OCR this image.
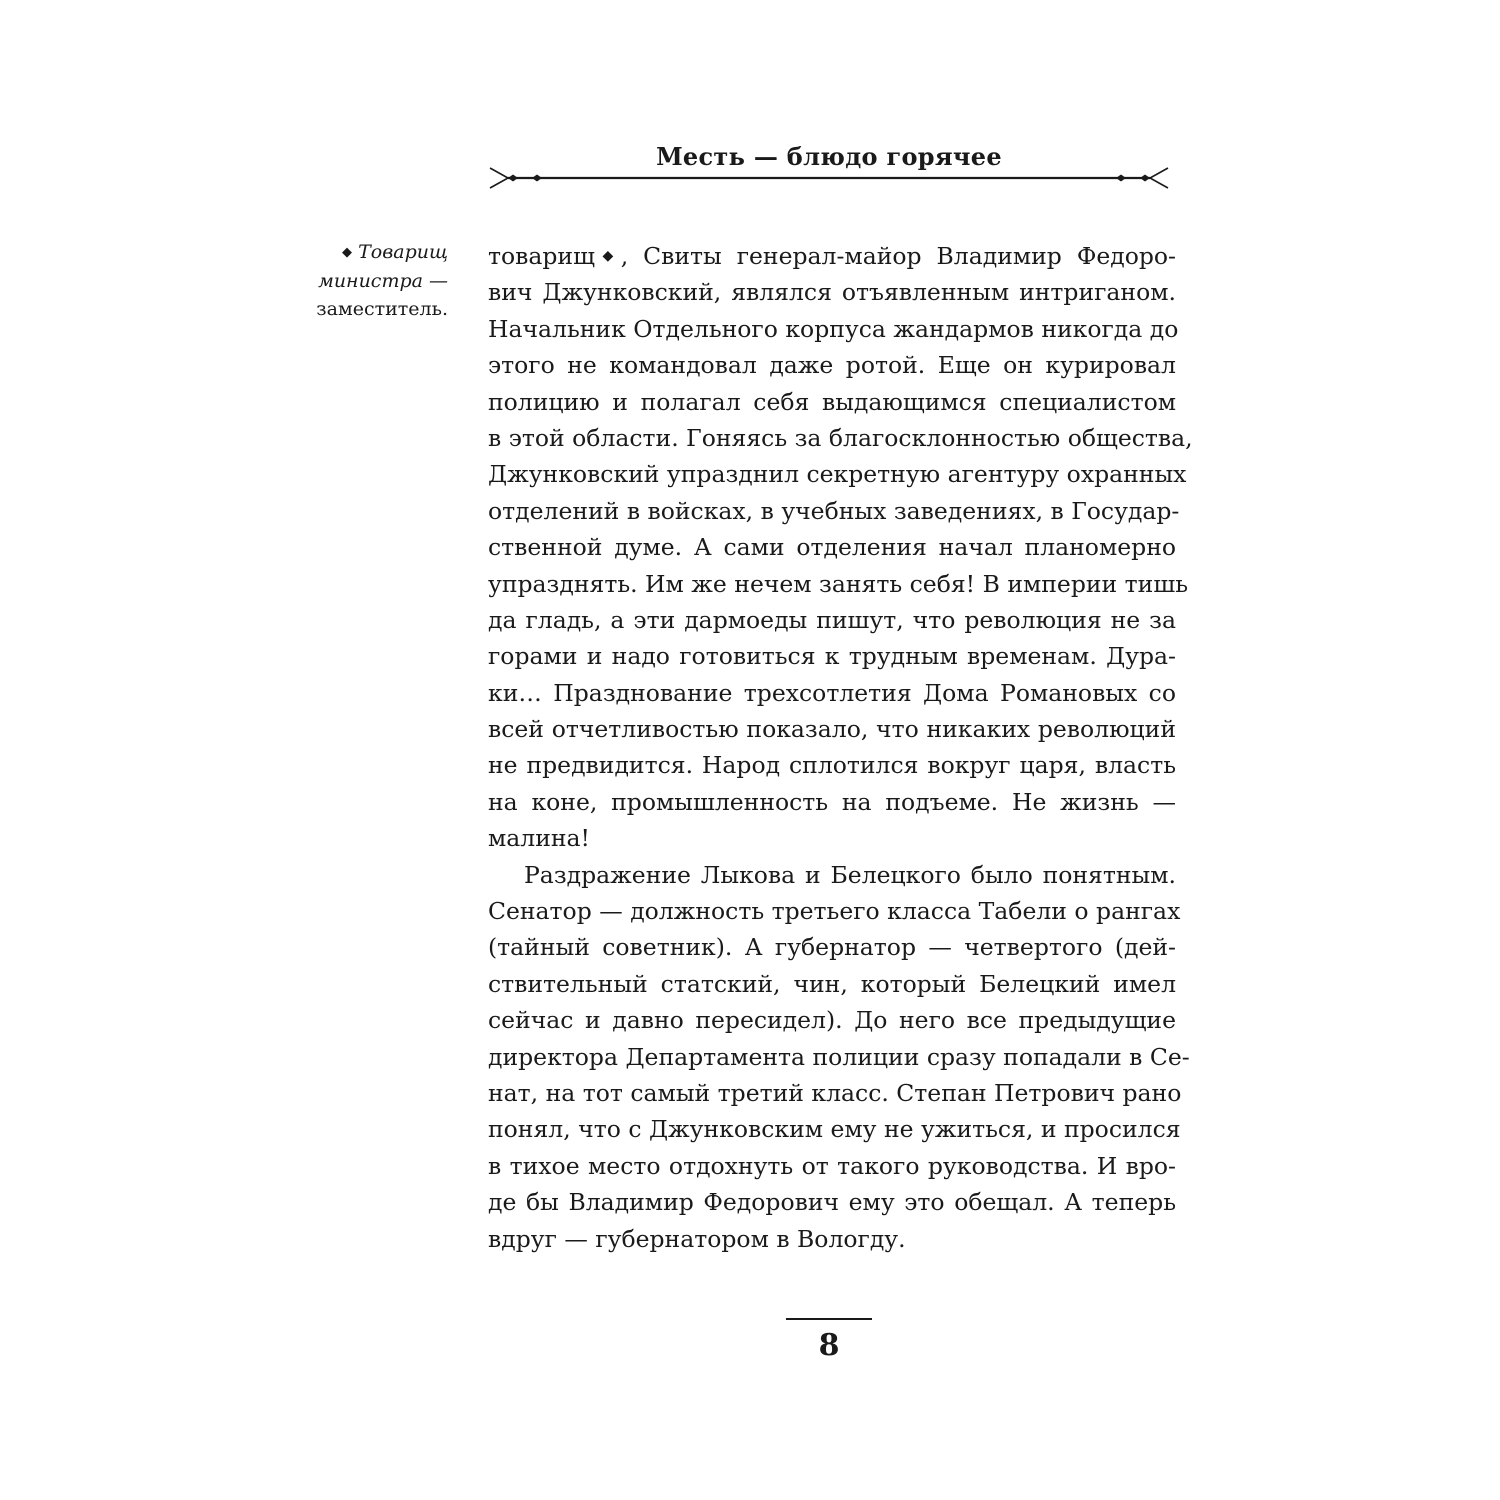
Месть — блюдо горячее
◆ Товарищ
министра —
заместитель.
товарищ◆, Свиты генерал-майор Владимир Федоро-
вич Джунковский, являлся отъявленным интриганом.
Начальник Отдельного корпуса жандармов никогда до
этого не командовал даже ротой. Еще он курировал
полицию и полагал себя выдающимся специалистом
в этой области. Гоняясь за благосклонностью общества,
Джунковский упразднил секретную агентуру охранных
отделений в войсках, в учебных заведениях, в Государ-
ственной думе. А сами отделения начал планомерно
упразднять. Им же нечем занять себя! В империи тишь
да гладь, а эти дармоеды пишут, что революция не за
горами и надо готовиться к трудным временам. Дура-
ки… Празднование трехсотлетия Дома Романовых со
всей отчетливостью показало, что никаких революций
не предвидится. Народ сплотился вокруг царя, власть
на коне, промышленность на подъеме. Не жизнь —
малина!
Раздражение Лыкова и Белецкого было понятным.
Сенатор — должность третьего класса Табели о рангах
(тайный советник). А губернатор — четвертого (дей-
ствительный статский, чин, который Белецкий имел
сейчас и давно пересидел). До него все предыдущие
директора Департамента полиции сразу попадали в Се-
нат, на тот самый третий класс. Степан Петрович рано
понял, что с Джунковским ему не ужиться, и просился
в тихое место отдохнуть от такого руководства. И вро-
де бы Владимир Федорович ему это обещал. А теперь
вдруг — губернатором в Вологду.
8
